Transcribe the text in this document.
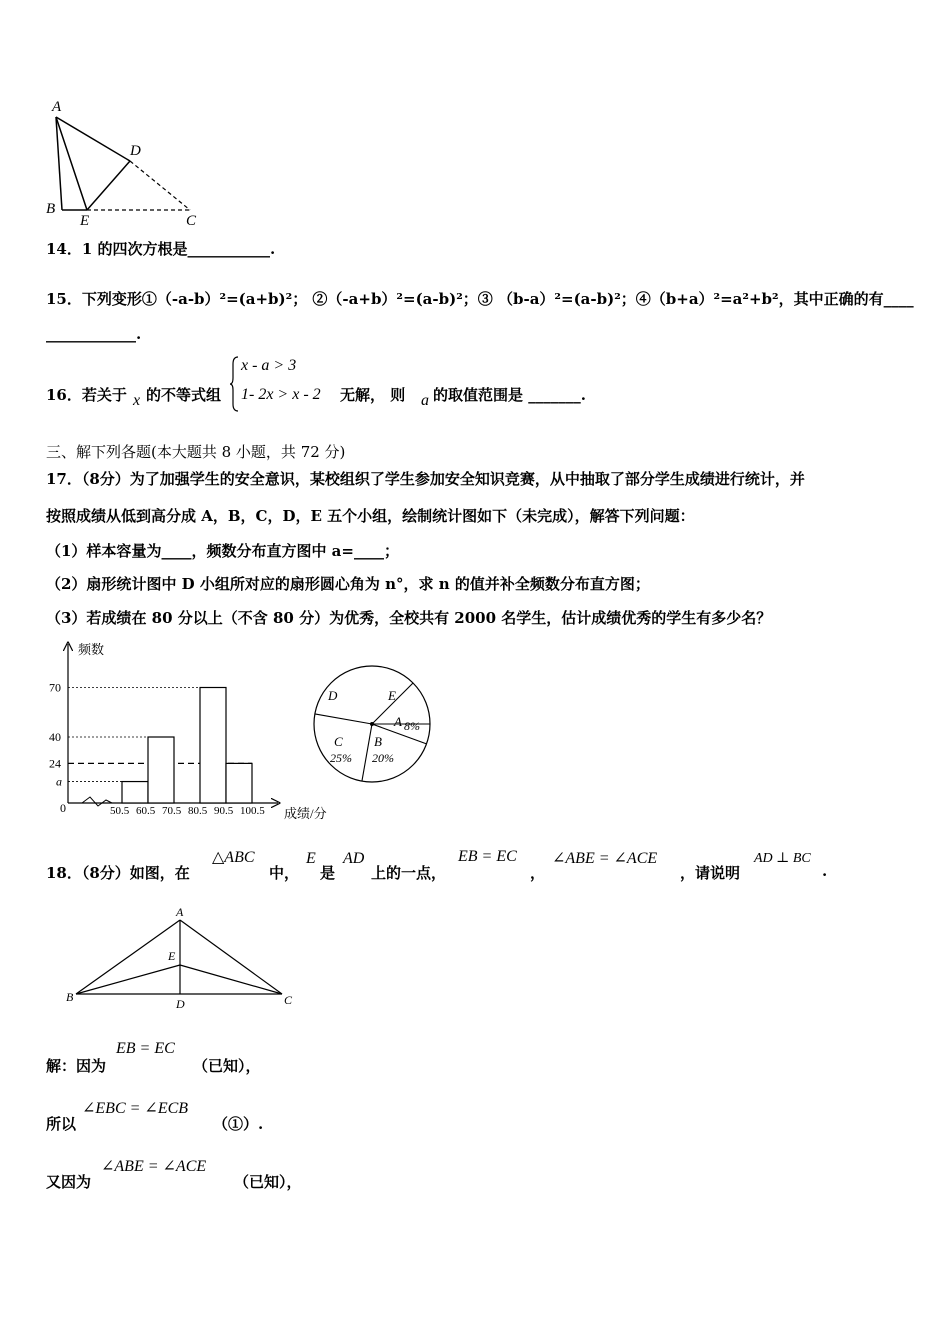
A
B
E
D
C
14．1 的四次方根是___________.
15．下列变形①（-a-b）²=(a+b)²； ②（-a+b）²=(a-b)²；③ （b-a）²=(a-b)²；④（b+a）²=a²+b²，其中正确的有____
____________.
16．若关于 x 的不等式组
x - a > 3
1- 2x > x - 2 无解， 则 a 的取值范围是 _______.
三、解下列各题(本大题共 8 小题，共 72 分)
17．（8分）为了加强学生的安全意识，某校组织了学生参加安全知识竞赛，从中抽取了部分学生成绩进行统计，并
按照成绩从低到高分成 A，B，C，D，E 五个小组，绘制统计图如下（未完成），解答下列问题：
（1）样本容量为____，频数分布直方图中 a=____；
（2）扇形统计图中 D 小组所对应的扇形圆心角为 n°，求 n 的值并补全频数分布直方图；
（3）若成绩在 80 分以上（不含 80 分）为优秀，全校共有 2000 名学生，估计成绩优秀的学生有多少名？
频数
成绩/分
0
70
40
24
a
50.5 60.5 70.5 80.5 90.5 100.5
A 8%
B
20%
C
25%
D	E
18．（8分）如图，在
△ABC
中，
E
是
AD
上的一点，
EB = EC
，
∠ABE = ∠ACE
，请说明
AD ⊥ BC
.
A
E
B	D	C
解：因为
EB = EC
（已知），
所以
∠EBC = ∠ECB
（①）.
又因为
∠ABE = ∠ACE
（已知），
